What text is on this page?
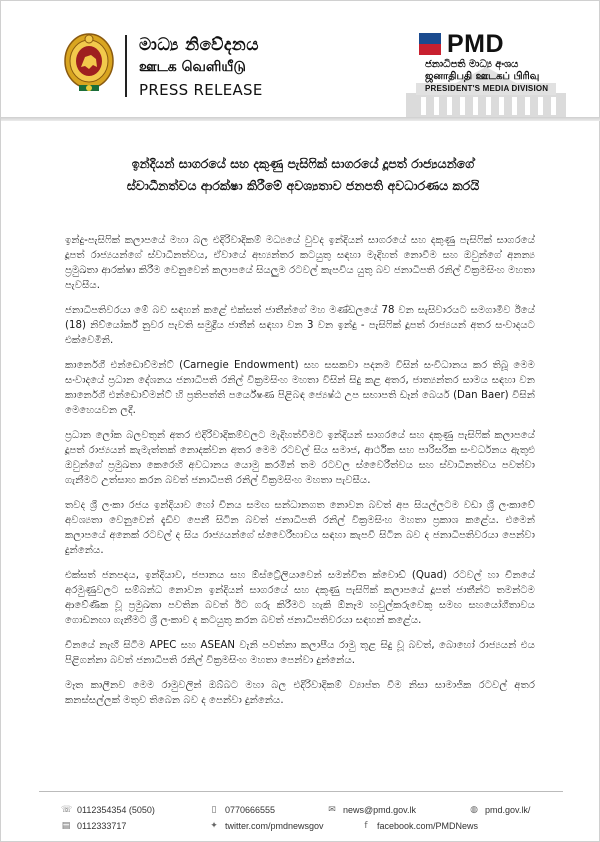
මාධ්‍ය නිවේදනය
ஊடக வெளியீடு
PRESS RELEASE
PMD
ජනාධිපති මාධ්‍ය අංශය
ஜனாதிபதி ஊடகப் பிரிவு
PRESIDENT'S MEDIA DIVISION
ඉන්දියන් සාගරයේ සහ දකුණු පැසිෆික් සාගරයේ දූපත් රාජ්‍යයන්ගේ
ස්වාධීනත්වය ආරක්ෂා කිරීමේ අවශ්‍යතාව ජනපති අවධාරණය කරයි

ඉන්දු-පැසිෆික් කලාපයේ මහා බල එදිරිවාදිකම් මධ්‍යයේ වුවද ඉන්දියන් සාගරයේ සහ දකුණු පැසිෆික් සාගරයේ දූපත් රාජ්‍යයන්ගේ ස්වාධීනත්වය, ඒවායේ අභ්‍යන්තර කටයුතු සඳහා මැදිහත් නොවීම සහ ඔවුන්ගේ අනන්‍ය ප්‍රමුඛතා ආරක්ෂා කිරීම වෙනුවෙන් කලාපයේ සියලුම රටවල් කැපවිය යුතු බව ජනාධිපති රනිල් වික්‍රමසිංහ මහතා පැවසීය.

ජනාධිපතිවරයා මේ බව සඳහන් කළේ එක්සත් ජාතීන්ගේ මහ මණ්ඩලයේ 78 වන සැසිවාරයට සමගාමීව ඊයේ (18) නිව්යෝර්ක් නුවර පැවති සමුද්‍රීය ජාතීන් සඳහා වන 3 වන ඉන්දු - පැසිෆික් දූපත් රාජ්‍යයන් අතර සංවාදයට එක්වෙමිනි.

කාර්නෙගී එන්ඩොව්මන්ට් (Carnegie Endowment) සහ සසකවා පදනම විසින් සංවිධානය කර තිබූ මෙම සංවාදයේ ප්‍රධාන දේශනය ජනාධිපති රනිල් වික්‍රමසිංහ මහතා විසින් සිදු කළ අතර, ජාත්‍යන්තර සාමය සඳහා වන කාර්නෙගී එන්ඩොව්මන්ට් හි ප්‍රතිපත්ති පර්යේෂණ පිළිබඳ ජ්‍යෙෂ්ඨ උප සභාපති ඩෑන් බෙයර් (Dan Baer) විසින් මෙහෙයවන ලදී.

ප්‍රධාන ලෝක බලවතුන් අතර එදිරිවාදිකම්වලට මැදිහත්වීමට ඉන්දියන් සාගරයේ සහ දකුණු පැසිෆික් කලාපයේ දූපත් රාජ්‍යයන් කැමැත්තක් නොදක්වන අතර මෙම රටවල් සිය සමාජ, ආර්ථික සහ පාරිසරික සංවර්ධනය ඇතුළු ඔවුන්ගේ ප්‍රමුඛතා කෙරෙහි අවධානය යොමු කරමින් තම රටවල ස්වෛරීත්වය සහ ස්වාධීනත්වය පවත්වා ගැනීමට උත්සාහ කරන බවත් ජනාධිපති රනිල් වික්‍රමසිංහ මහතා පැවසීය.

තවද ශ්‍රී ලංකා රජය ඉන්දියාව හෝ චීනය සමඟ සන්ධානගත නොවන බවත් අප සියල්ලටම වඩා ශ්‍රී ලංකාවේ අවශ්‍යතා වෙනුවෙන් දැඩිව පෙනී සිටින බවත් ජනාධිපති රනිල් වික්‍රමසිංහ මහතා ප්‍රකාශ කළේය. එමෙන් කලාපයේ අනෙක් රටවල් ද සිය රාජ්‍යයන්ගේ ස්වෛරීභාවය සඳහා කැපවී සිටින බව ද ජනාධිපතිවරයා පෙන්වා දුන්නේය.

එක්සත් ජනපදය, ඉන්දියාව, ජපානය සහ ඕස්ට්‍රේලියාවෙන් සමන්විත ක්වොඩ් (Quad) රටවල් හා චීනයේ අරමුණුවලට සම්බන්ධ නොවන ඉන්දියන් සාගරයේ සහ දකුණු පැසිෆික් කලාපයේ දූපත් ජාතීන්ට තමන්ටම ආවේණික වූ ප්‍රමුඛතා පවතින බවත් ඊට ගරු කිරීමට හැකි ඕනෑම හවුල්කරුවෙකු සමඟ සහයෝගීතාවය ගොඩනඟා ගැනීමට ශ්‍රී ලංකාව ද කටයුතු කරන බවත් ජනාධිපතිවරයා සඳහන් කළේය.

චීනයේ නැඟී සිටීම APEC සහ ASEAN වැනි පවත්නා කලාපීය රාමු තුළ සිදු වූ බවත්, බොහෝ රාජ්‍යයන් එය පිළිගන්නා බවත් ජනාධිපති රනිල් වික්‍රමසිංහ මහතා පෙන්වා දුන්නේය.

මෑත කාලීනව මෙම රාමුවලින් ඔබ්බට මහා බල එදිරිවාදිකම් ව්‍යාප්ත වීම නිසා සාමාජික රටවල් අතර කනස්සල්ලක් මතුව තිබෙන බව ද පෙන්වා දුන්නේය.

☏ 0112354354 (5050)	▯ 0770666555	✉ news@pmd.gov.lk	◍ pmd.gov.lk/
▤ 0112333717	✦ twitter.com/pmdnewsgov	f	facebook.com/PMDNews
